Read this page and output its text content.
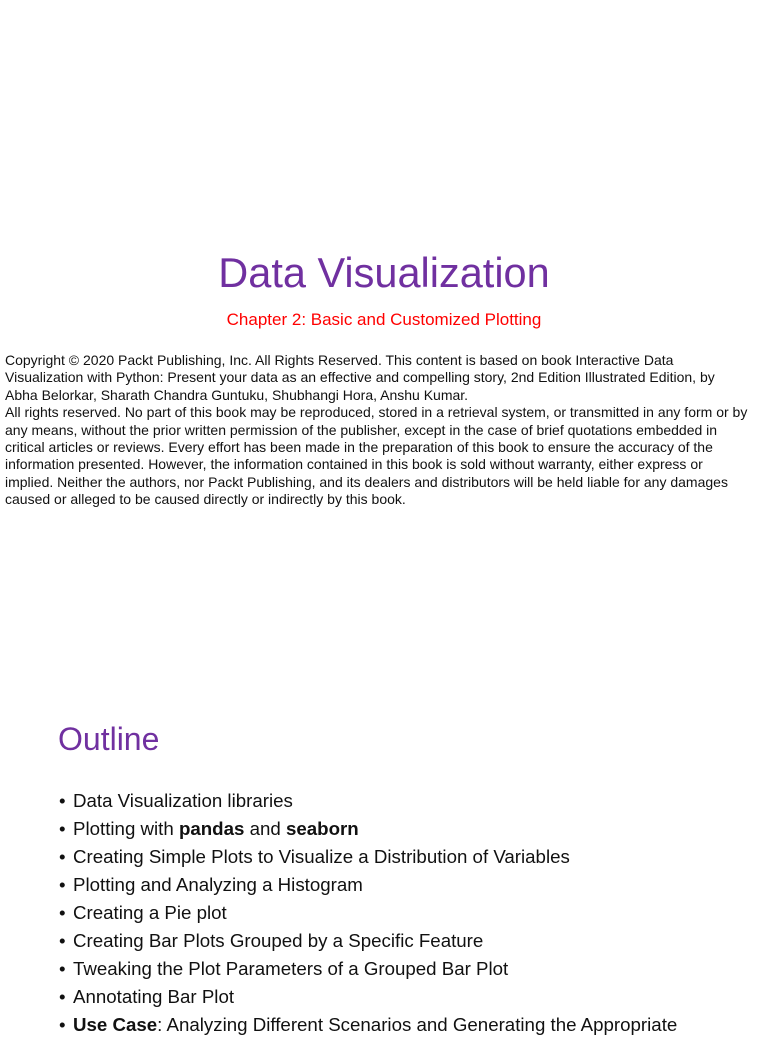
Data Visualization
Chapter 2: Basic and Customized Plotting
Copyright © 2020 Packt Publishing, Inc. All Rights Reserved. This content is based on book Interactive Data
Visualization with Python: Present your data as an effective and compelling story, 2nd Edition Illustrated Edition, by
Abha Belorkar, Sharath Chandra Guntuku, Shubhangi Hora, Anshu Kumar.
All rights reserved. No part of this book may be reproduced, stored in a retrieval system, or transmitted in any form or by
any means, without the prior written permission of the publisher, except in the case of brief quotations embedded in
critical articles or reviews. Every effort has been made in the preparation of this book to ensure the accuracy of the
information presented. However, the information contained in this book is sold without warranty, either express or
implied. Neither the authors, nor Packt Publishing, and its dealers and distributors will be held liable for any damages
caused or alleged to be caused directly or indirectly by this book.
Outline
• Data Visualization libraries
• Plotting with pandas and seaborn
• Creating Simple Plots to Visualize a Distribution of Variables
• Plotting and Analyzing a Histogram
• Creating a Pie plot
• Creating Bar Plots Grouped by a Specific Feature
• Tweaking the Plot Parameters of a Grouped Bar Plot
• Annotating Bar Plot
• Use Case: Analyzing Different Scenarios and Generating the Appropriate
